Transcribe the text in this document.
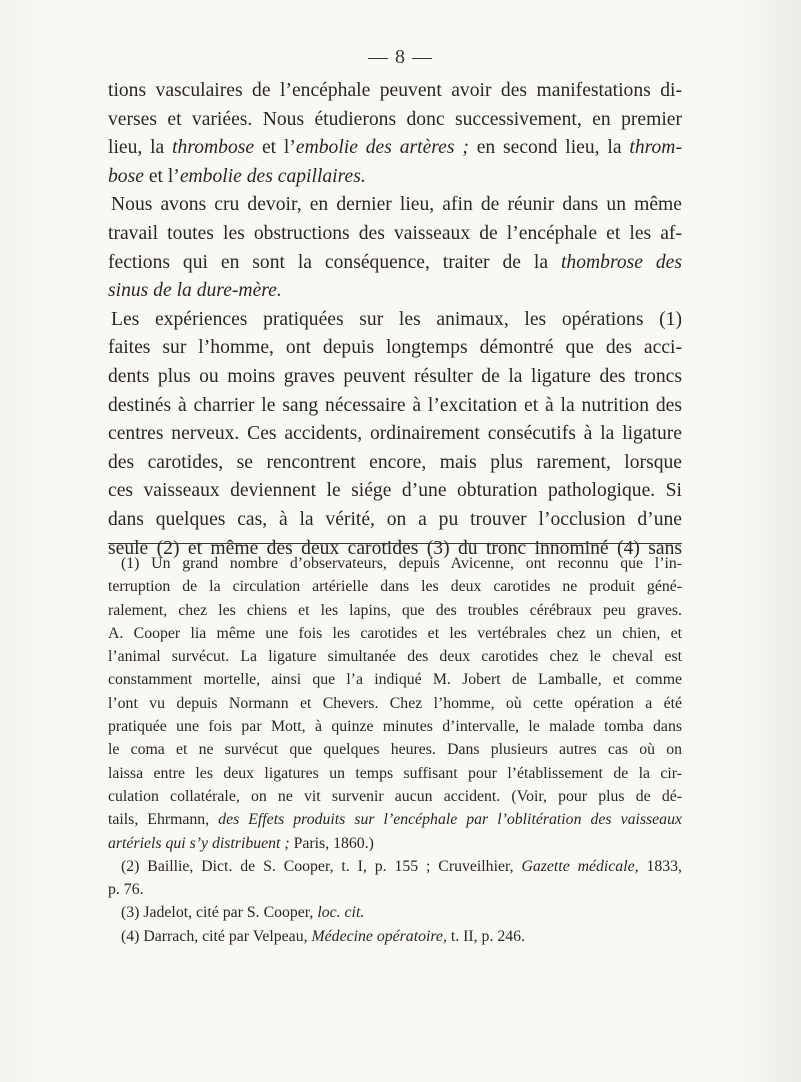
— 8 —
tions vasculaires de l’encéphale peuvent avoir des manifestations di-
verses et variées. Nous étudierons donc successivement, en premier
lieu, la thrombose et l’embolie des artères ; en second lieu, la throm-
bose et l’embolie des capillaires.
Nous avons cru devoir, en dernier lieu, afin de réunir dans un même
travail toutes les obstructions des vaisseaux de l’encéphale et les af-
fections qui en sont la conséquence, traiter de la thombrose des
sinus de la dure-mère.
Les expériences pratiquées sur les animaux, les opérations (1)
faites sur l’homme, ont depuis longtemps démontré que des acci-
dents plus ou moins graves peuvent résulter de la ligature des troncs
destinés à charrier le sang nécessaire à l’excitation et à la nutrition des
centres nerveux. Ces accidents, ordinairement consécutifs à la ligature
des carotides, se rencontrent encore, mais plus rarement, lorsque
ces vaisseaux deviennent le siége d’une obturation pathologique. Si
dans quelques cas, à la vérité, on a pu trouver l’occlusion d’une
seule (2) et même des deux carotides (3) du tronc innominé (4) sans
(1) Un grand nombre d’observateurs, depuis Avicenne, ont reconnu que l’in-
terruption de la circulation artérielle dans les deux carotides ne produit géné-
ralement, chez les chiens et les lapins, que des troubles cérébraux peu graves.
A. Cooper lia même une fois les carotides et les vertébrales chez un chien, et
l’animal survécut. La ligature simultanée des deux carotides chez le cheval est
constamment mortelle, ainsi que l’a indiqué M. Jobert de Lamballe, et comme
l’ont vu depuis Normann et Chevers. Chez l’homme, où cette opération a été
pratiquée une fois par Mott, à quinze minutes d’intervalle, le malade tomba dans
le coma et ne survécut que quelques heures. Dans plusieurs autres cas où on
laissa entre les deux ligatures un temps suffisant pour l’établissement de la cir-
culation collatérale, on ne vit survenir aucun accident. (Voir, pour plus de dé-
tails, Ehrmann, des Effets produits sur l’encéphale par l’oblitération des vaisseaux
artériels qui s’y distribuent ; Paris, 1860.)
(2) Baillie, Dict. de S. Cooper, t. I, p. 155 ; Cruveilhier, Gazette médicale, 1833,
p. 76.
(3) Jadelot, cité par S. Cooper, loc. cit.
(4) Darrach, cité par Velpeau, Médecine opératoire, t. II, p. 246.
